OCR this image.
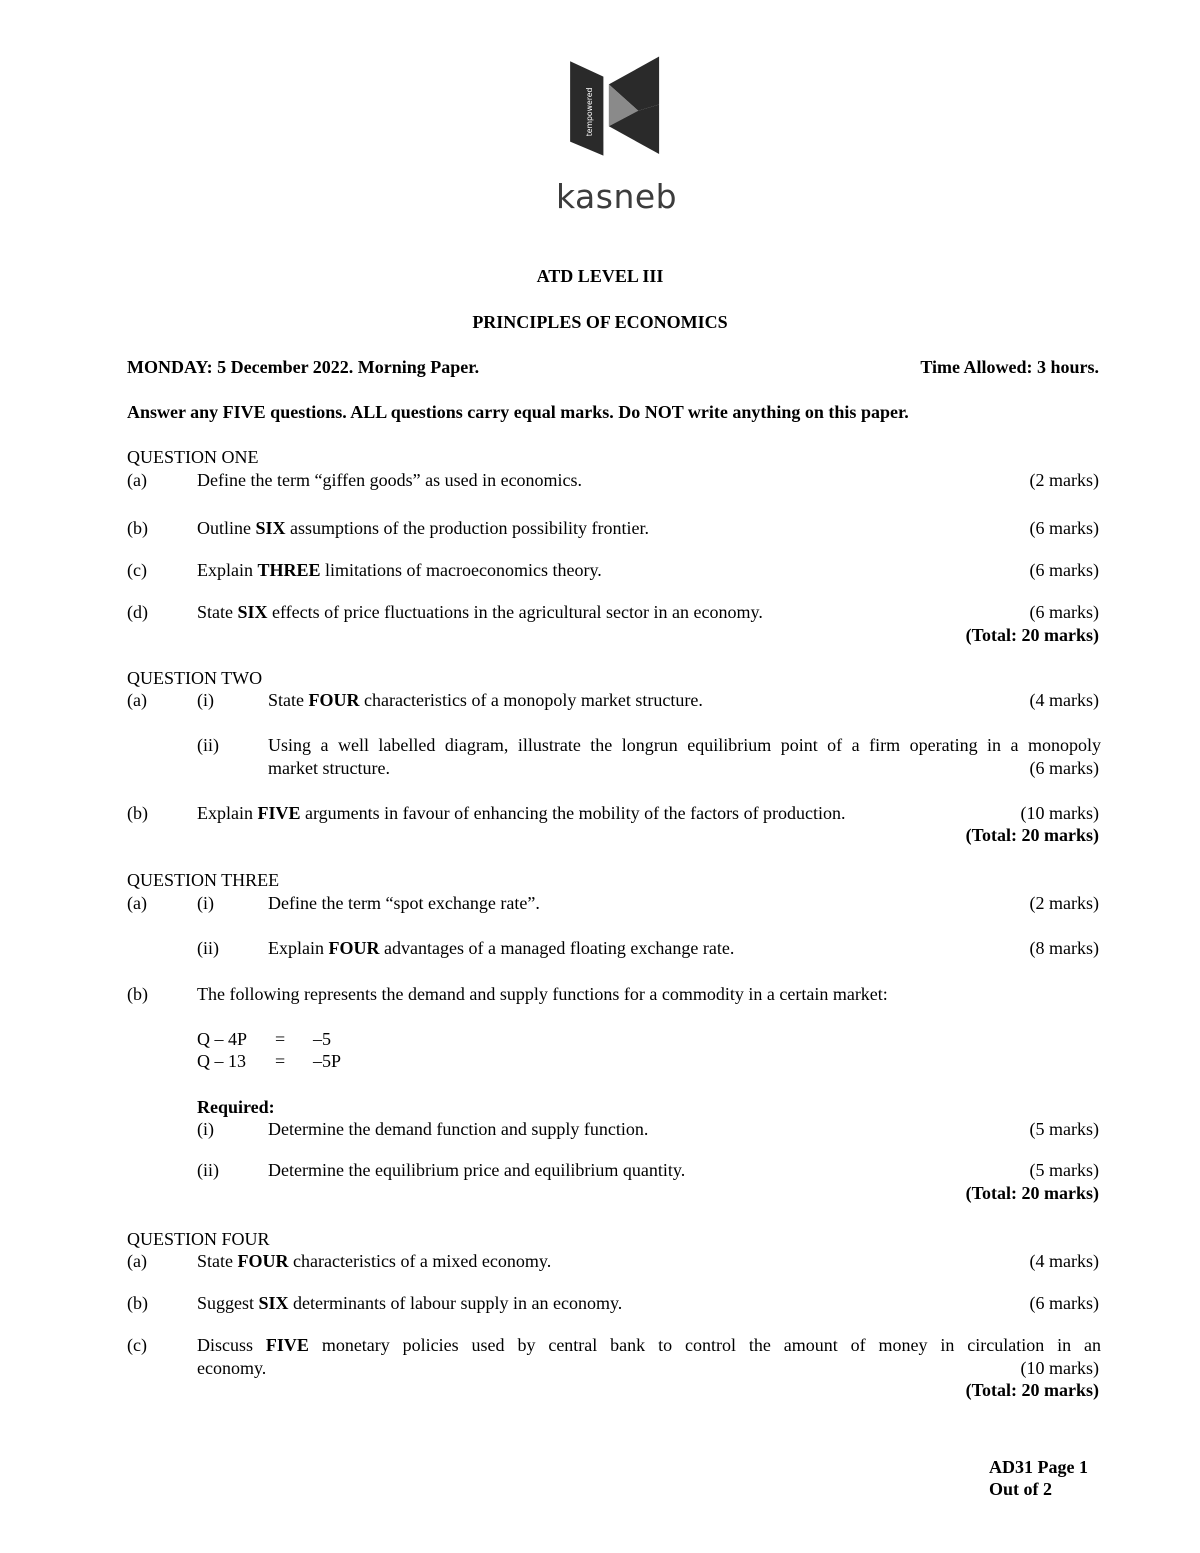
tempowered
kasneb
ATD LEVEL III
PRINCIPLES OF ECONOMICS
MONDAY: 5 December 2022. Morning Paper.	Time Allowed: 3 hours.
Answer any FIVE questions. ALL questions carry equal marks. Do NOT write anything on this paper.
QUESTION ONE
(a)	Define the term “giffen goods” as used in economics.	(2 marks)
(b)	Outline SIX assumptions of the production possibility frontier.	(6 marks)
(c)	Explain THREE limitations of macroeconomics theory.	(6 marks)
(d)	State SIX effects of price fluctuations in the agricultural sector in an economy.	(6 marks)
(Total: 20 marks)
QUESTION TWO
(a)	(i)	State FOUR characteristics of a monopoly market structure.	(4 marks)
(ii)	Using a well labelled diagram, illustrate the longrun equilibrium point of a firm operating in a monopoly
market structure.	(6 marks)
(b)	Explain FIVE arguments in favour of enhancing the mobility of the factors of production.	(10 marks)
(Total: 20 marks)
QUESTION THREE
(a)	(i)	Define the term “spot exchange rate”.	(2 marks)
(ii)	Explain FOUR advantages of a managed floating exchange rate.	(8 marks)
(b)	The following represents the demand and supply functions for a commodity in a certain market:
Q – 4P = –5
Q – 13 = –5P
Required:
(i)	Determine the demand function and supply function.	(5 marks)
(ii)	Determine the equilibrium price and equilibrium quantity.	(5 marks)
(Total: 20 marks)
QUESTION FOUR
(a)	State FOUR characteristics of a mixed economy.	(4 marks)
(b)	Suggest SIX determinants of labour supply in an economy.	(6 marks)
(c)	Discuss FIVE monetary policies used by central bank to control the amount of money in circulation in an
economy.	(10 marks)
(Total: 20 marks)
AD31 Page 1
Out of 2
